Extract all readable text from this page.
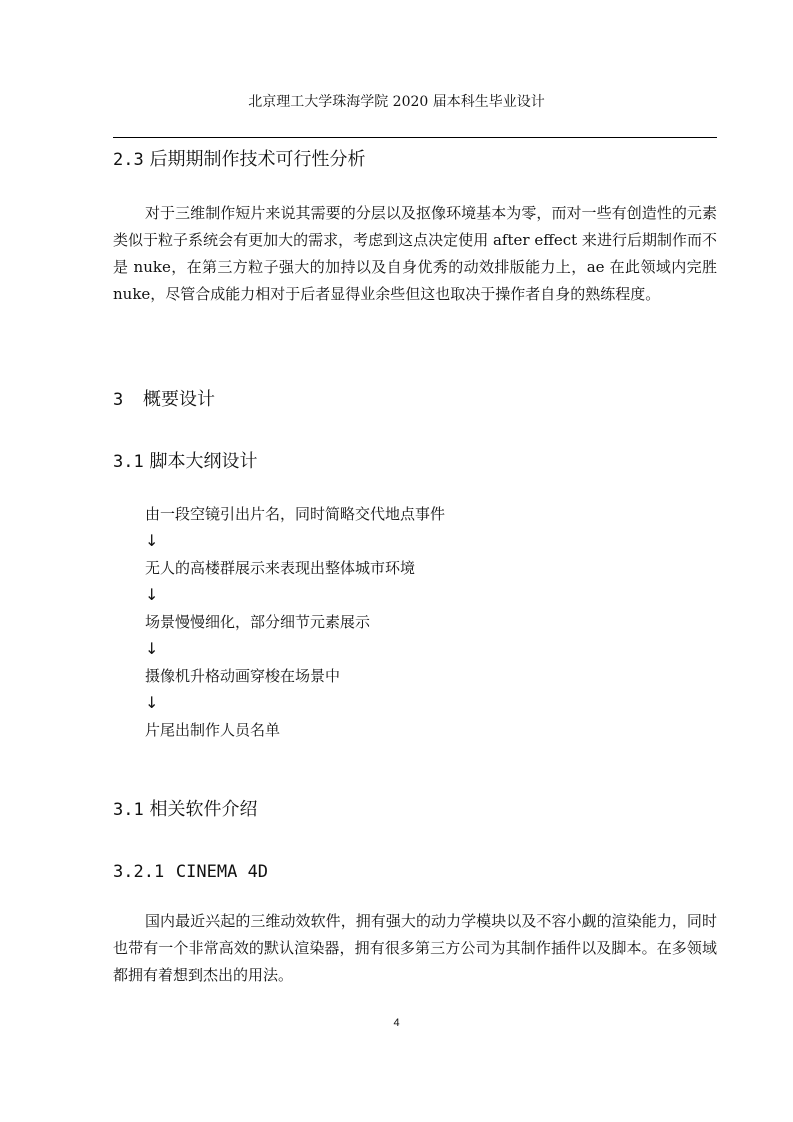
北京理工大学珠海学院 2020 届本科生毕业设计
2.3 后期期制作技术可行性分析
对于三维制作短片来说其需要的分层以及抠像环境基本为零，而对一些有创造性的元素类似于粒子系统会有更加大的需求，考虑到这点决定使用 after effect 来进行后期制作而不是 nuke，在第三方粒子强大的加持以及自身优秀的动效排版能力上，ae 在此领域内完胜 nuke，尽管合成能力相对于后者显得业余些但这也取决于操作者自身的熟练程度。
3 概要设计
3.1 脚本大纲设计
由一段空镜引出片名，同时简略交代地点事件
↓
无人的高楼群展示来表现出整体城市环境
↓
场景慢慢细化，部分细节元素展示
↓
摄像机升格动画穿梭在场景中
↓
片尾出制作人员名单
3.1 相关软件介绍
3.2.1 CINEMA 4D
国内最近兴起的三维动效软件，拥有强大的动力学模块以及不容小觑的渲染能力，同时也带有一个非常高效的默认渲染器，拥有很多第三方公司为其制作插件以及脚本。在多领域都拥有着想到杰出的用法。
4
